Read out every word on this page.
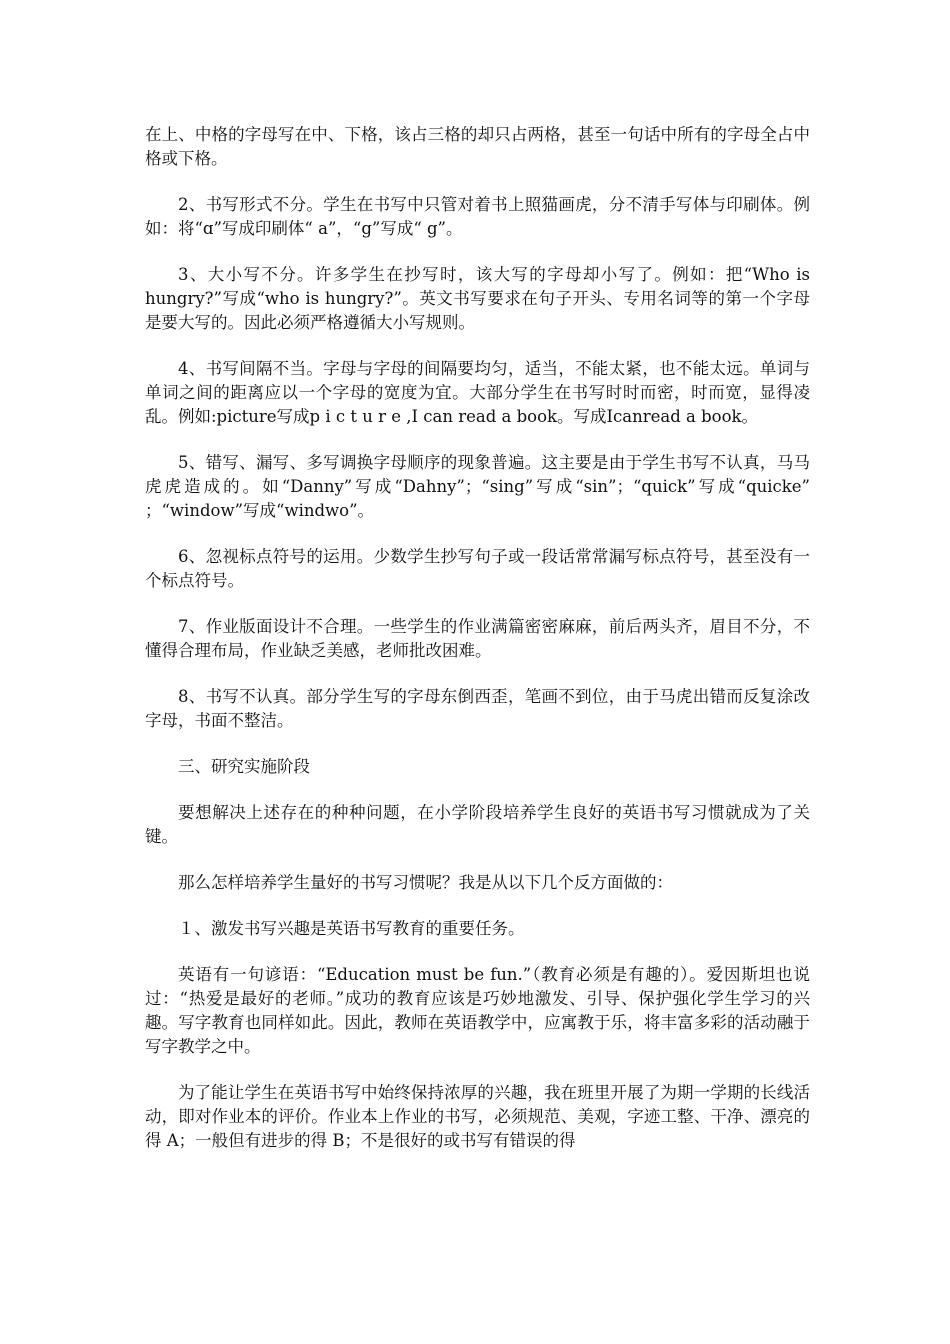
在上、中格的字母写在中、下格，该占三格的却只占两格，甚至一句话中所有的字母全占中格或下格。

2、书写形式不分。学生在书写中只管对着书上照猫画虎，分不清手写体与印刷体。例如：将“ɑ”写成印刷体“ a”，“g”写成“ g”。

3、大小写不分。许多学生在抄写时，该大写的字母却小写了。例如：把“Who is hungry?”写成“who is hungry?”。英文书写要求在句子开头、专用名词等的第一个字母是要大写的。因此必须严格遵循大小写规则。

4、书写间隔不当。字母与字母的间隔要均匀，适当，不能太紧，也不能太远。单词与单词之间的距离应以一个字母的宽度为宜。大部分学生在书写时时而密，时而宽，显得凌乱。例如:picture写成p i c t u r e ,I can read a book。写成Icanread a book。

5、错写、漏写、多写调换字母顺序的现象普遍。这主要是由于学生书写不认真，马马虎虎造成的。如“Danny”写成“Dahny”；“sing”写成“sin”；“quick”写成“quicke” ；“window”写成“windwo”。

6、忽视标点符号的运用。少数学生抄写句子或一段话常常漏写标点符号，甚至没有一个标点符号。

7、作业版面设计不合理。一些学生的作业满篇密密麻麻，前后两头齐，眉目不分，不懂得合理布局，作业缺乏美感，老师批改困难。

8、书写不认真。部分学生写的字母东倒西歪，笔画不到位，由于马虎出错而反复涂改字母，书面不整洁。

三、研究实施阶段

要想解决上述存在的种种问题，在小学阶段培养学生良好的英语书写习惯就成为了关键。

那么怎样培养学生量好的书写习惯呢？我是从以下几个反方面做的：

１、激发书写兴趣是英语书写教育的重要任务。

英语有一句谚语：“Education must be fun.”（教育必须是有趣的）。爱因斯坦也说过：“热爱是最好的老师。”成功的教育应该是巧妙地激发、引导、保护强化学生学习的兴趣。写字教育也同样如此。因此，教师在英语教学中，应寓教于乐，将丰富多彩的活动融于写字教学之中。

为了能让学生在英语书写中始终保持浓厚的兴趣，我在班里开展了为期一学期的长线活动，即对作业本的评价。作业本上作业的书写，必须规范、美观，字迹工整、干净、漂亮的得 A；一般但有进步的得 B；不是很好的或书写有错误的得
